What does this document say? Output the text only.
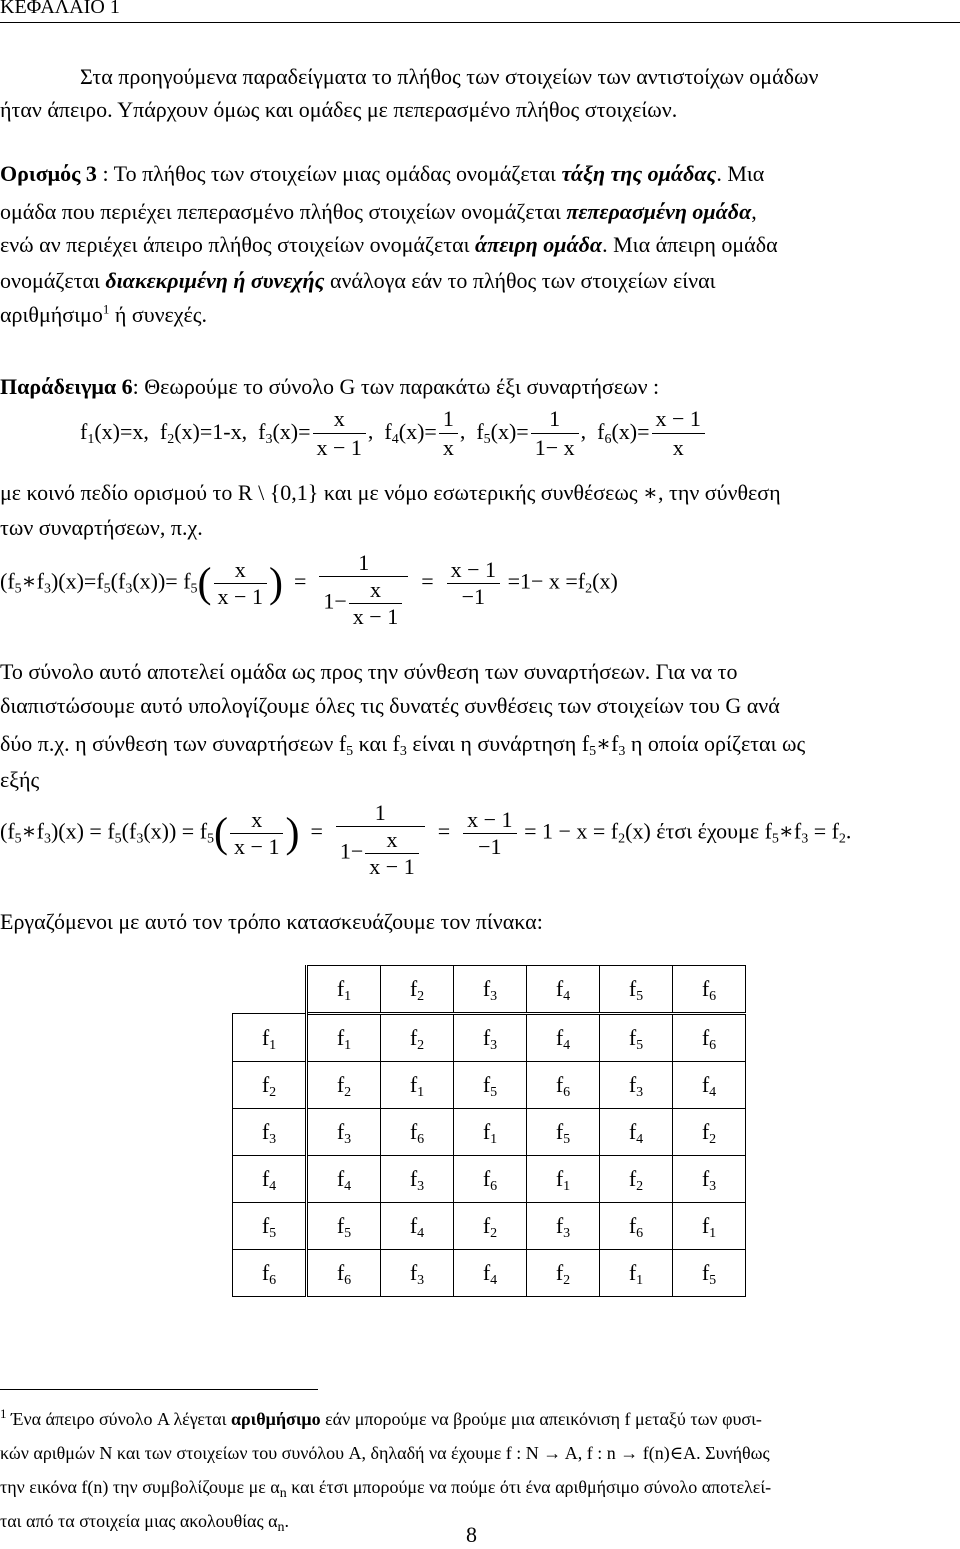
ΚΕΦΑΛΑΙΟ 1
Στα προηγούμενα παραδείγματα το πλήθος των στοιχείων των αντιστοίχων ομάδων
ήταν άπειρο. Υπάρχουν όμως και ομάδες με πεπερασμένο πλήθος στοιχείων.
Ορισμός 3 : Το πλήθος των στοιχείων μιας ομάδας ονομάζεται τάξη της ομάδας. Μια
ομάδα που περιέχει πεπερασμένο πλήθος στοιχείων ονομάζεται πεπερασμένη ομάδα,
ενώ αν περιέχει άπειρο πλήθος στοιχείων ονομάζεται άπειρη ομάδα. Μια άπειρη ομάδα
ονομάζεται διακεκριμένη ή συνεχής ανάλογα εάν το πλήθος των στοιχείων είναι
αριθμήσιμο$^1$ ή συνεχές.
Παράδειγμα 6: Θεωρούμε το σύνολο G των παρακάτω έξι συναρτήσεων :
$f_1(x)=x$, $f_2(x)=1-x$, $f_3(x)= \frac{x}{x - 1}$ , $f_4(x)= \frac{1}{x}$ , $f_5(x)= \frac{1}{1- x}$ , $f_6(x)= \frac{x - 1}{x}$
με κοινό πεδίο ορισμού το R \ {0,1} και με νόμο εσωτερικής συνθέσεως ∗, την σύνθεση
των συναρτήσεων, π.χ.
$(f_5∗f_3)(x)=f_5(f_3(x))= f_5( \frac{x}{x - 1}$ ) = $\frac{1}{1- \frac{x}{x - 1}} = \frac{x - 1}{-1} =1- x =f_2(x)$
Το σύνολο αυτό αποτελεί ομάδα ως προς την σύνθεση των συναρτήσεων. Για να το
διαπιστώσουμε αυτό υπολογίζουμε όλες τις δυνατές συνθέσεις των στοιχείων του G ανά
δύο π.χ. η σύνθεση των συναρτήσεων $f_5$ και $f_3$ είναι η συνάρτηση $f_5∗f_3$ η οποία ορίζεται ως
εξής
$(f_5∗f_3)(x) = f_5(f_3(x)) = f_5( \frac{x}{x - 1}$ ) = $\frac{1}{1- \frac{x}{x - 1}} = \frac{x - 1}{-1} = 1 - x = f_2(x)$ έτσι έχουμε $f_5∗f_3 = f_2$.
Εργαζόμενοι με αυτό τον τρόπο κατασκευάζουμε τον πίνακα:
	$f_1$	$f_2$	$f_3$	$f_4$	$f_5$	$f_6$
$f_1$	$f_1$	$f_2$	$f_3$	$f_4$	$f_5$	$f_6$
$f_2$	$f_2$	$f_1$	$f_5$	$f_6$	$f_3$	$f_4$
$f_3$	$f_3$	$f_6$	$f_1$	$f_5$	$f_4$	$f_2$
$f_4$	$f_4$	$f_3$	$f_6$	$f_1$	$f_2$	$f_3$
$f_5$	$f_5$	$f_4$	$f_2$	$f_3$	$f_6$	$f_1$
$f_6$	$f_6$	$f_3$	$f_4$	$f_2$	$f_1$	$f_5$
$^1$ Ένα άπειρο σύνολο A λέγεται αριθμήσιμο εάν μπορούμε να βρούμε μια απεικόνιση f μεταξύ των φυσι-
κών αριθμών N και των στοιχείων του συνόλου A, δηλαδή να έχουμε f : N → A, f : n → f(n)∈A. Συνήθως
την εικόνα f(n) την συμβολίζουμε με $\alpha_n$ και έτσι μπορούμε να πούμε ότι ένα αριθμήσιμο σύνολο αποτελεί-
ται από τα στοιχεία μιας ακολουθίας $\alpha_n$.
8
